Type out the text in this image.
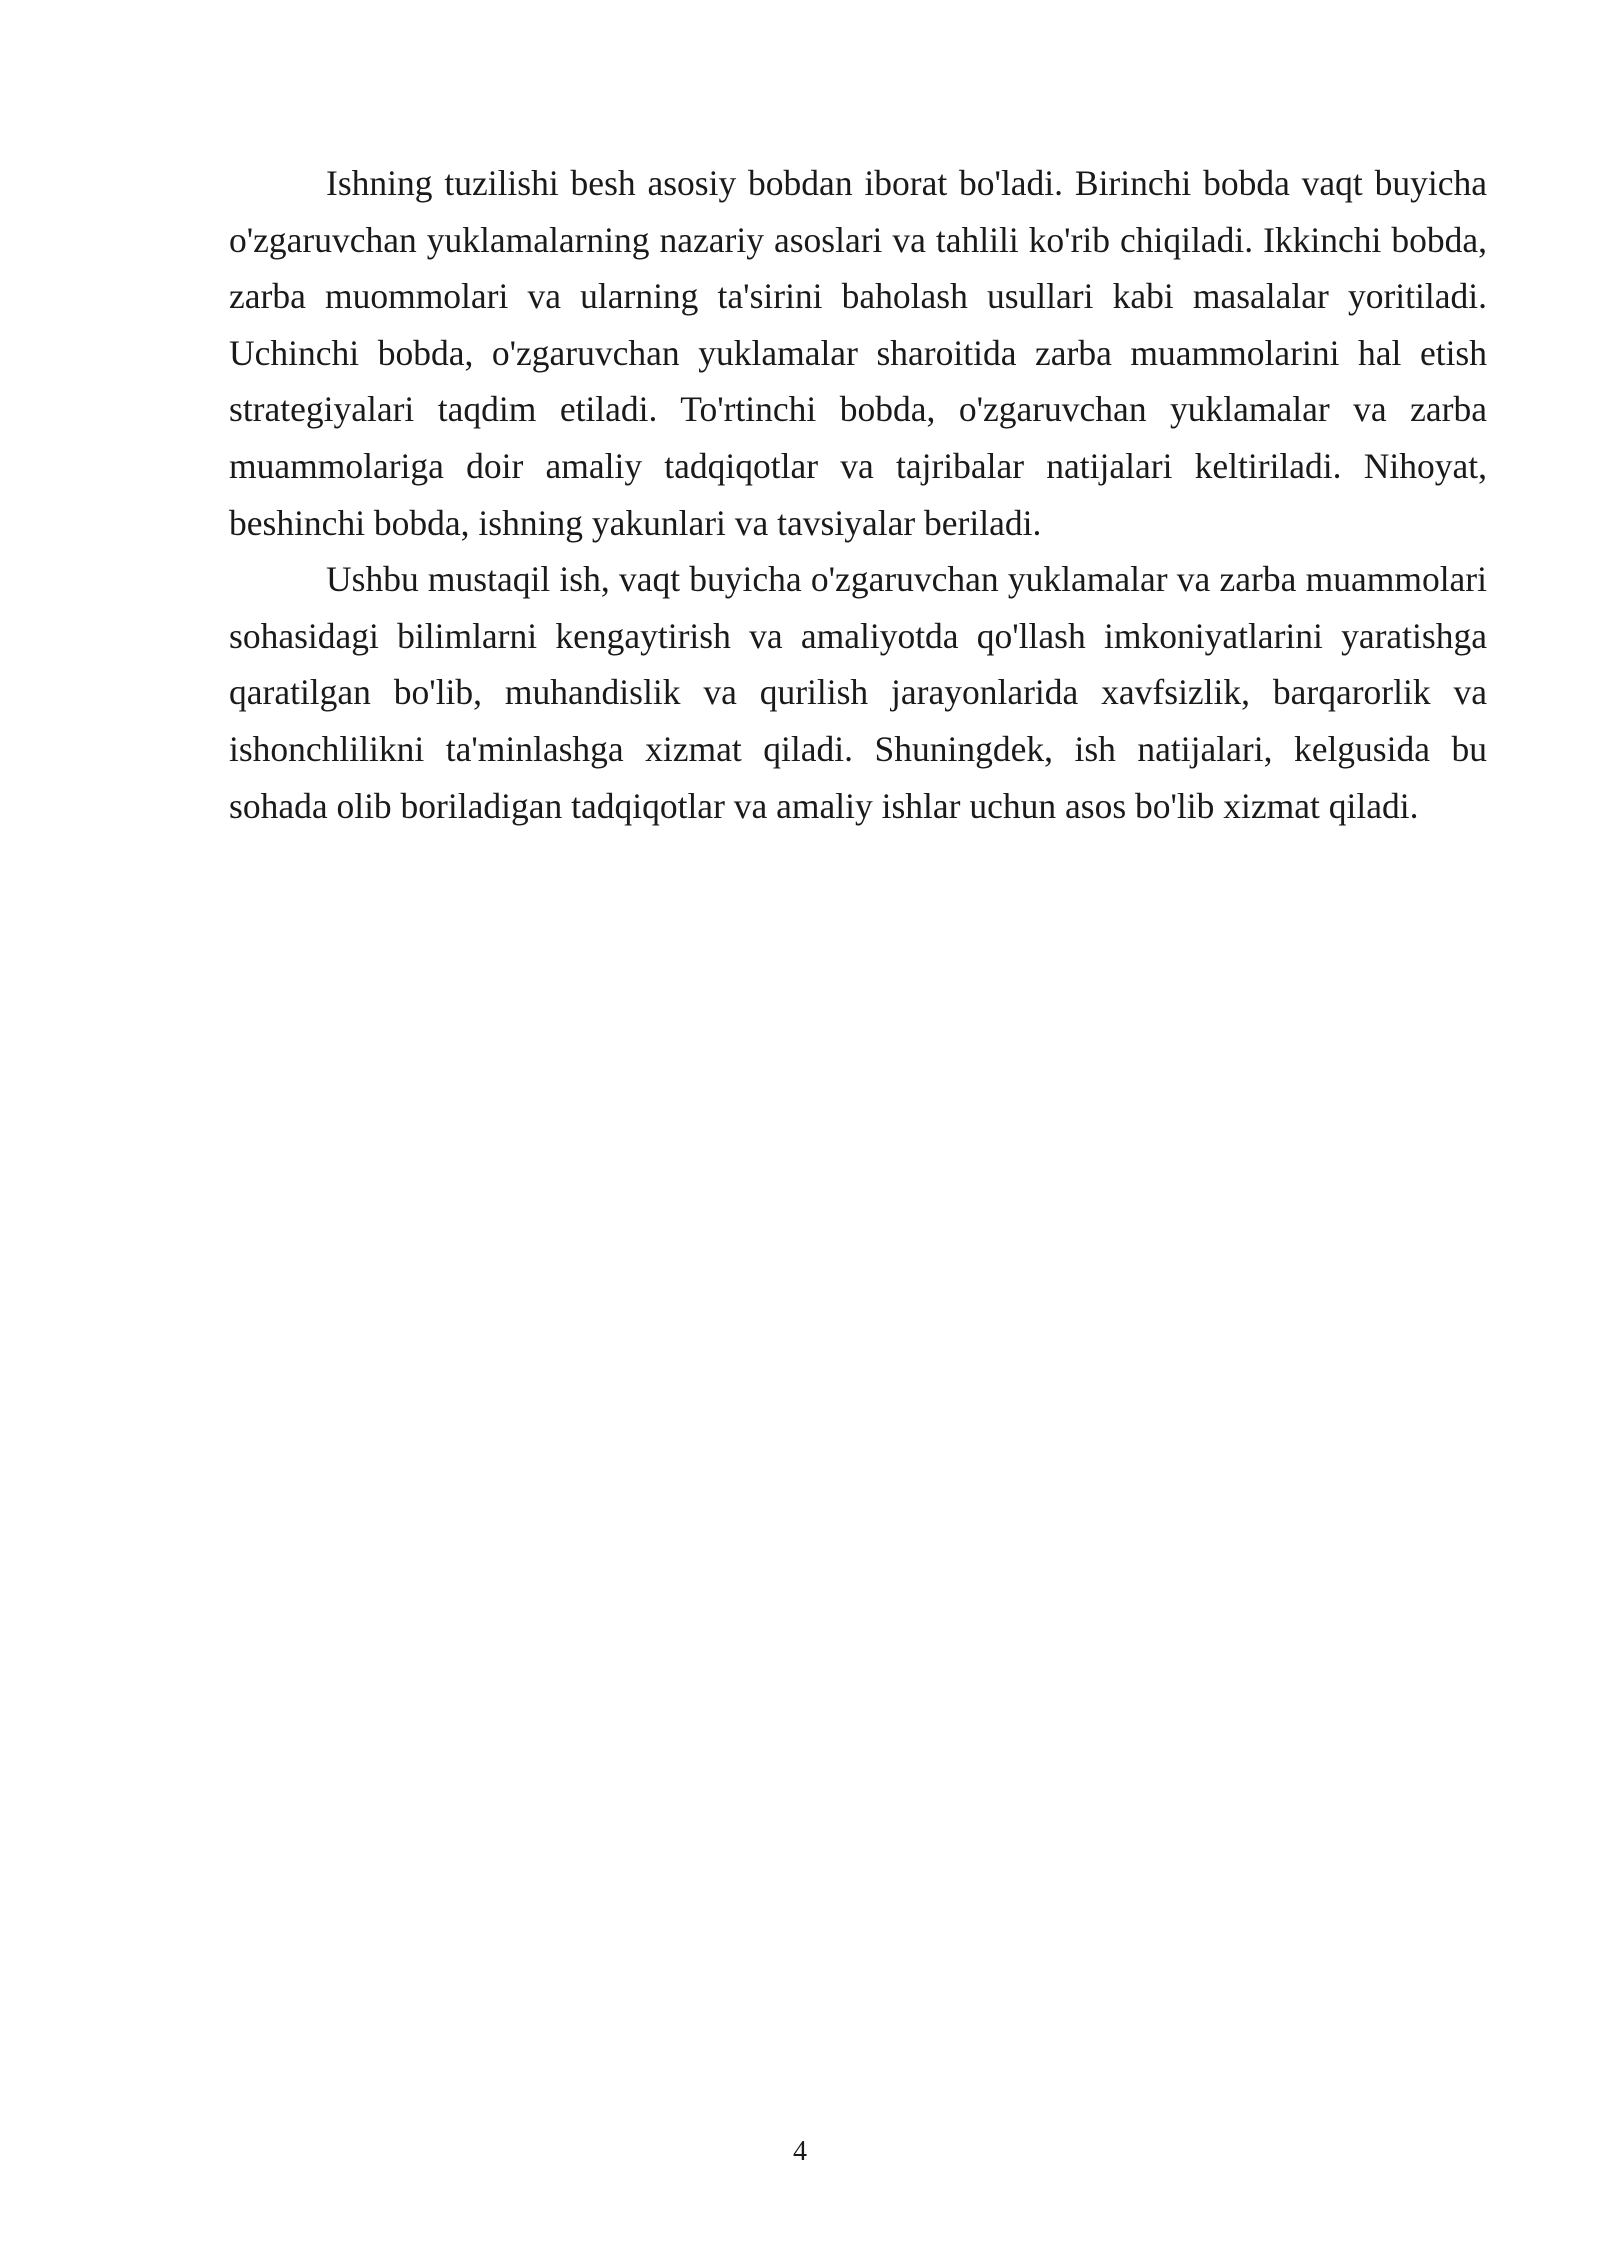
Ishning tuzilishi besh asosiy bobdan iborat bo'ladi. Birinchi bobda vaqt buyicha o'zgaruvchan yuklamalarning nazariy asoslari va tahlili ko'rib chiqiladi. Ikkinchi bobda, zarba muommolari va ularning ta'sirini baholash usullari kabi masalalar yoritiladi. Uchinchi bobda, o'zgaruvchan yuklamalar sharoitida zarba muammolarini hal etish strategiyalari taqdim etiladi. To'rtinchi bobda, o'zgaruvchan yuklamalar va zarba muammolariga doir amaliy tadqiqotlar va tajribalar natijalari keltiriladi. Nihoyat, beshinchi bobda, ishning yakunlari va tavsiyalar beriladi.

Ushbu mustaqil ish, vaqt buyicha o'zgaruvchan yuklamalar va zarba muammolari sohasidagi bilimlarni kengaytirish va amaliyotda qo'llash imkoniyatlarini yaratishga qaratilgan bo'lib, muhandislik va qurilish jarayonlarida xavfsizlik, barqarorlik va ishonchlilikni ta'minlashga xizmat qiladi. Shuningdek, ish natijalari, kelgusida bu sohada olib boriladigan tadqiqotlar va amaliy ishlar uchun asos bo'lib xizmat qiladi.

4
